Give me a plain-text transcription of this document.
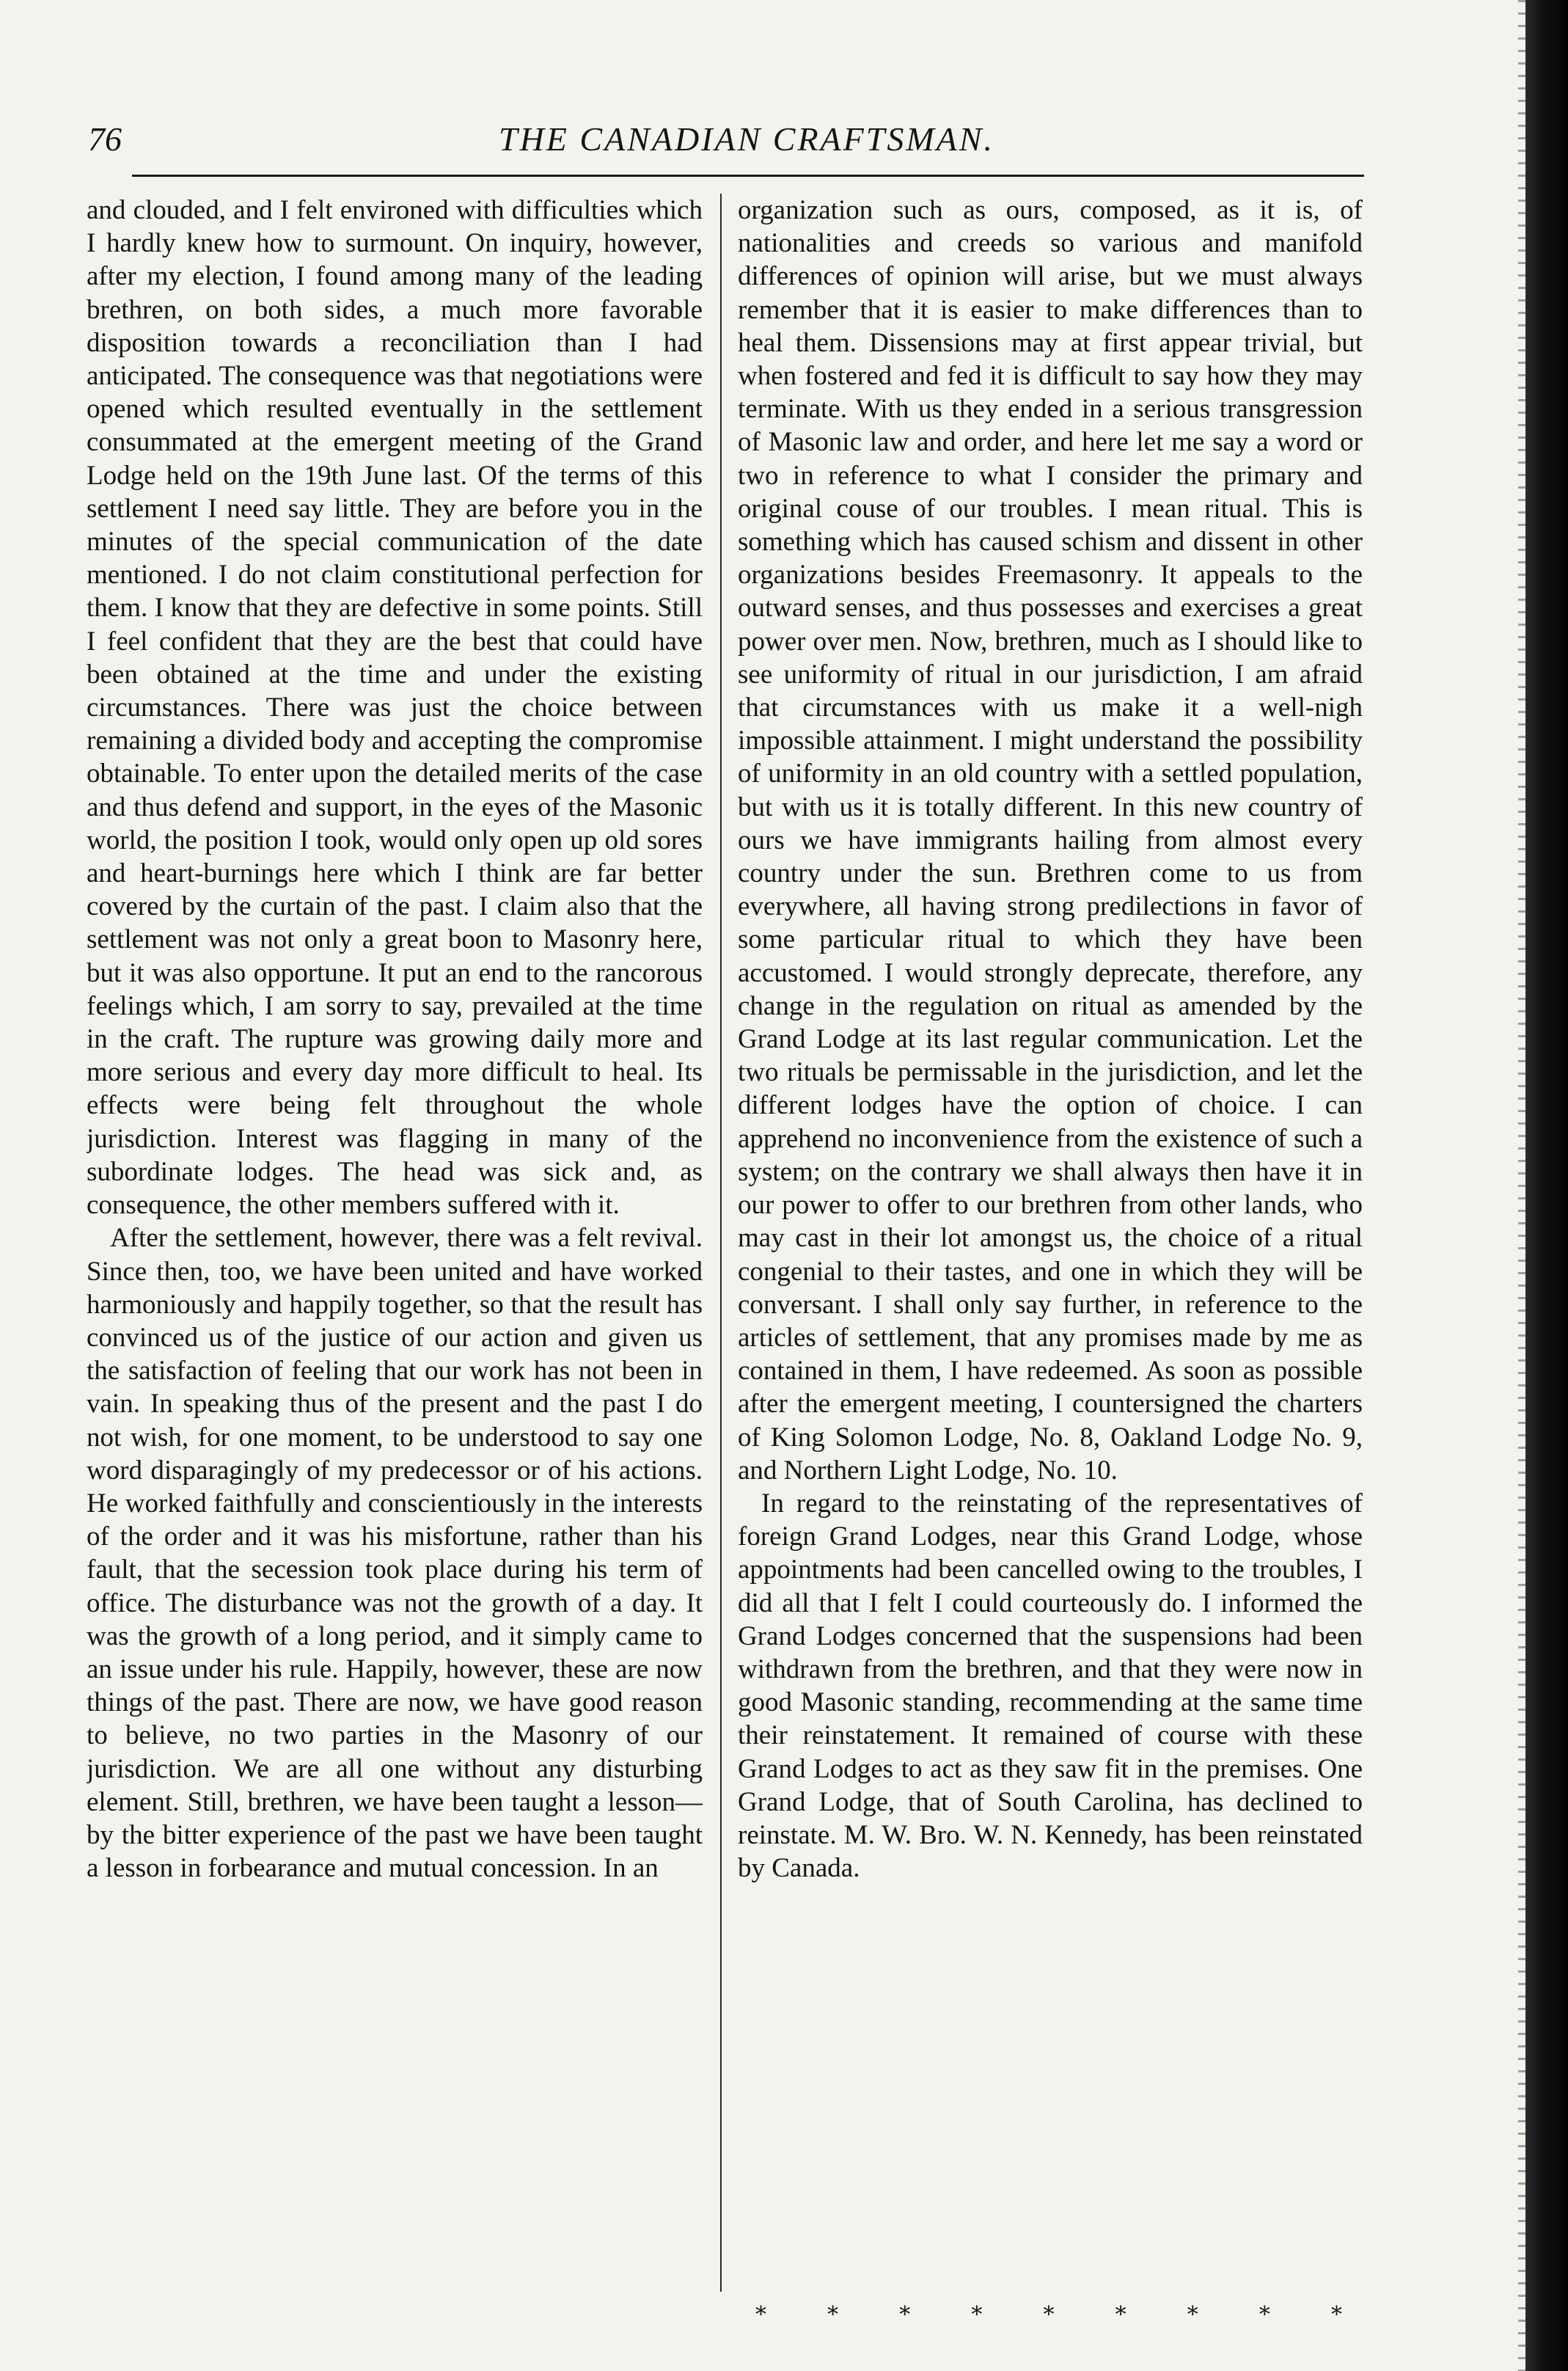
76	THE CANADIAN CRAFTSMAN.

and clouded, and I felt environed with difficulties which I hardly knew how to surmount. On inquiry, however, after my election, I found among many of the leading brethren, on both sides, a much more favorable disposition towards a reconciliation than I had anticipated. The consequence was that negotiations were opened which resulted eventually in the settlement consummated at the emergent meeting of the Grand Lodge held on the 19th June last. Of the terms of this settlement I need say little. They are before you in the minutes of the special communication of the date mentioned. I do not claim constitutional perfection for them. I know that they are defective in some points. Still I feel confident that they are the best that could have been obtained at the time and under the existing circumstances. There was just the choice between remaining a divided body and accepting the compromise obtainable. To enter upon the detailed merits of the case and thus defend and support, in the eyes of the Masonic world, the position I took, would only open up old sores and heart-burnings here which I think are far better covered by the curtain of the past. I claim also that the settlement was not only a great boon to Masonry here, but it was also opportune. It put an end to the rancorous feelings which, I am sorry to say, prevailed at the time in the craft. The rupture was growing daily more and more serious and every day more difficult to heal. Its effects were being felt throughout the whole jurisdiction. Interest was flagging in many of the subordinate lodges. The head was sick and, as consequence, the other members suffered with it.

After the settlement, however, there was a felt revival. Since then, too, we have been united and have worked harmoniously and happily together, so that the result has convinced us of the justice of our action and given us the satisfaction of feeling that our work has not been in vain. In speaking thus of the present and the past I do not wish, for one moment, to be understood to say one word disparagingly of my predecessor or of his actions. He worked faithfully and conscientiously in the interests of the order and it was his misfortune, rather than his fault, that the secession took place during his term of office. The disturbance was not the growth of a day. It was the growth of a long period, and it simply came to an issue under his rule. Happily, however, these are now things of the past. There are now, we have good reason to believe, no two parties in the Masonry of our jurisdiction. We are all one without any disturbing element. Still, brethren, we have been taught a lesson—by the bitter experience of the past we have been taught a lesson in forbearance and mutual concession. In an

organization such as ours, composed, as it is, of nationalities and creeds so various and manifold differences of opinion will arise, but we must always remember that it is easier to make differences than to heal them. Dissensions may at first appear trivial, but when fostered and fed it is difficult to say how they may terminate. With us they ended in a serious transgression of Masonic law and order, and here let me say a word or two in reference to what I consider the primary and original couse of our troubles. I mean ritual. This is something which has caused schism and dissent in other organizations besides Freemasonry. It appeals to the outward senses, and thus possesses and exercises a great power over men. Now, brethren, much as I should like to see uniformity of ritual in our jurisdiction, I am afraid that circumstances with us make it a well-nigh impossible attainment. I might understand the possibility of uniformity in an old country with a settled population, but with us it is totally different. In this new country of ours we have immigrants hailing from almost every country under the sun. Brethren come to us from everywhere, all having strong predilections in favor of some particular ritual to which they have been accustomed. I would strongly deprecate, therefore, any change in the regulation on ritual as amended by the Grand Lodge at its last regular communication. Let the two rituals be permissable in the jurisdiction, and let the different lodges have the option of choice. I can apprehend no inconvenience from the existence of such a system; on the contrary we shall always then have it in our power to offer to our brethren from other lands, who may cast in their lot amongst us, the choice of a ritual congenial to their tastes, and one in which they will be conversant. I shall only say further, in reference to the articles of settlement, that any promises made by me as contained in them, I have redeemed. As soon as possible after the emergent meeting, I countersigned the charters of King Solomon Lodge, No. 8, Oakland Lodge No. 9, and Northern Light Lodge, No. 10.

In regard to the reinstating of the representatives of foreign Grand Lodges, near this Grand Lodge, whose appointments had been cancelled owing to the troubles, I did all that I felt I could courteously do. I informed the Grand Lodges concerned that the suspensions had been withdrawn from the brethren, and that they were now in good Masonic standing, recommending at the same time their reinstatement. It remained of course with these Grand Lodges to act as they saw fit in the premises. One Grand Lodge, that of South Carolina, has declined to reinstate. M. W. Bro. W. N. Kennedy, has been reinstated by Canada.

*	*	*	*	*	*	*	*	*
